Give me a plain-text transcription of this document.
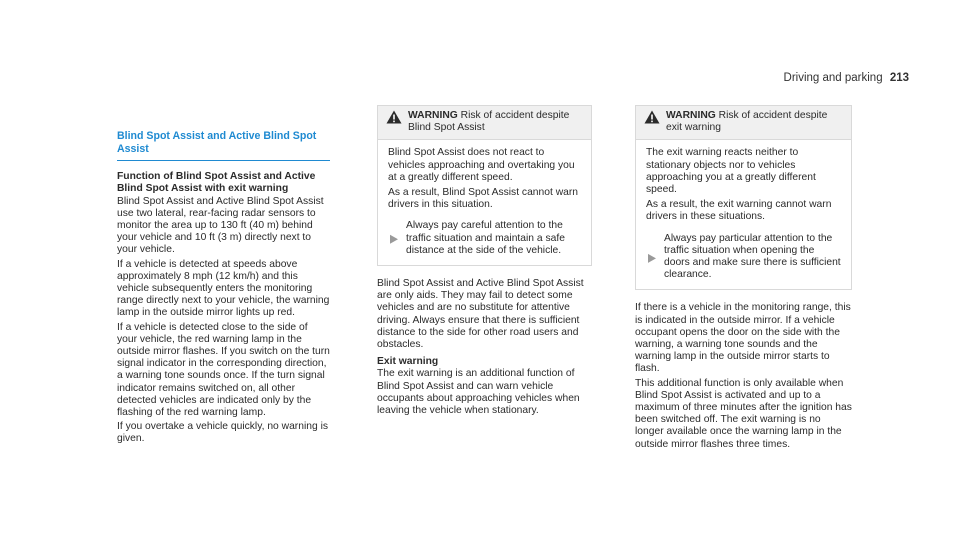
Driving and parking 213
Blind Spot Assist and Active Blind Spot Assist

Function of Blind Spot Assist and Active Blind Spot Assist with exit warning

Blind Spot Assist and Active Blind Spot Assist use two lateral, rear-facing radar sensors to monitor the area up to 130 ft (40 m) behind your vehicle and 10 ft (3 m) directly next to your vehicle.

If a vehicle is detected at speeds above approximately 8 mph (12 km/h) and this vehicle subsequently enters the monitoring range directly next to your vehicle, the warning lamp in the outside mirror lights up red.

If a vehicle is detected close to the side of your vehicle, the red warning lamp in the outside mirror flashes. If you switch on the turn signal indicator in the corresponding direction, a warning tone sounds once. If the turn signal indicator remains switched on, all other detected vehicles are indicated only by the flashing of the red warning lamp.

If you overtake a vehicle quickly, no warning is given.

WARNING Risk of accident despite Blind Spot Assist

Blind Spot Assist does not react to vehicles approaching and overtaking you at a greatly different speed.

As a result, Blind Spot Assist cannot warn drivers in this situation.

Always pay careful attention to the traffic situation and maintain a safe distance at the side of the vehicle.

Blind Spot Assist and Active Blind Spot Assist are only aids. They may fail to detect some vehicles and are no substitute for attentive driving. Always ensure that there is sufficient distance to the side for other road users and obstacles.

Exit warning

The exit warning is an additional function of Blind Spot Assist and can warn vehicle occupants about approaching vehicles when leaving the vehicle when stationary.

WARNING Risk of accident despite exit warning

The exit warning reacts neither to stationary objects nor to vehicles approaching you at a greatly different speed.

As a result, the exit warning cannot warn drivers in these situations.

Always pay particular attention to the traffic situation when opening the doors and make sure there is sufficient clearance.

If there is a vehicle in the monitoring range, this is indicated in the outside mirror. If a vehicle occupant opens the door on the side with the warning, a warning tone sounds and the warning lamp in the outside mirror starts to flash.

This additional function is only available when Blind Spot Assist is activated and up to a maximum of three minutes after the ignition has been switched off. The exit warning is no longer available once the warning lamp in the outside mirror flashes three times.
